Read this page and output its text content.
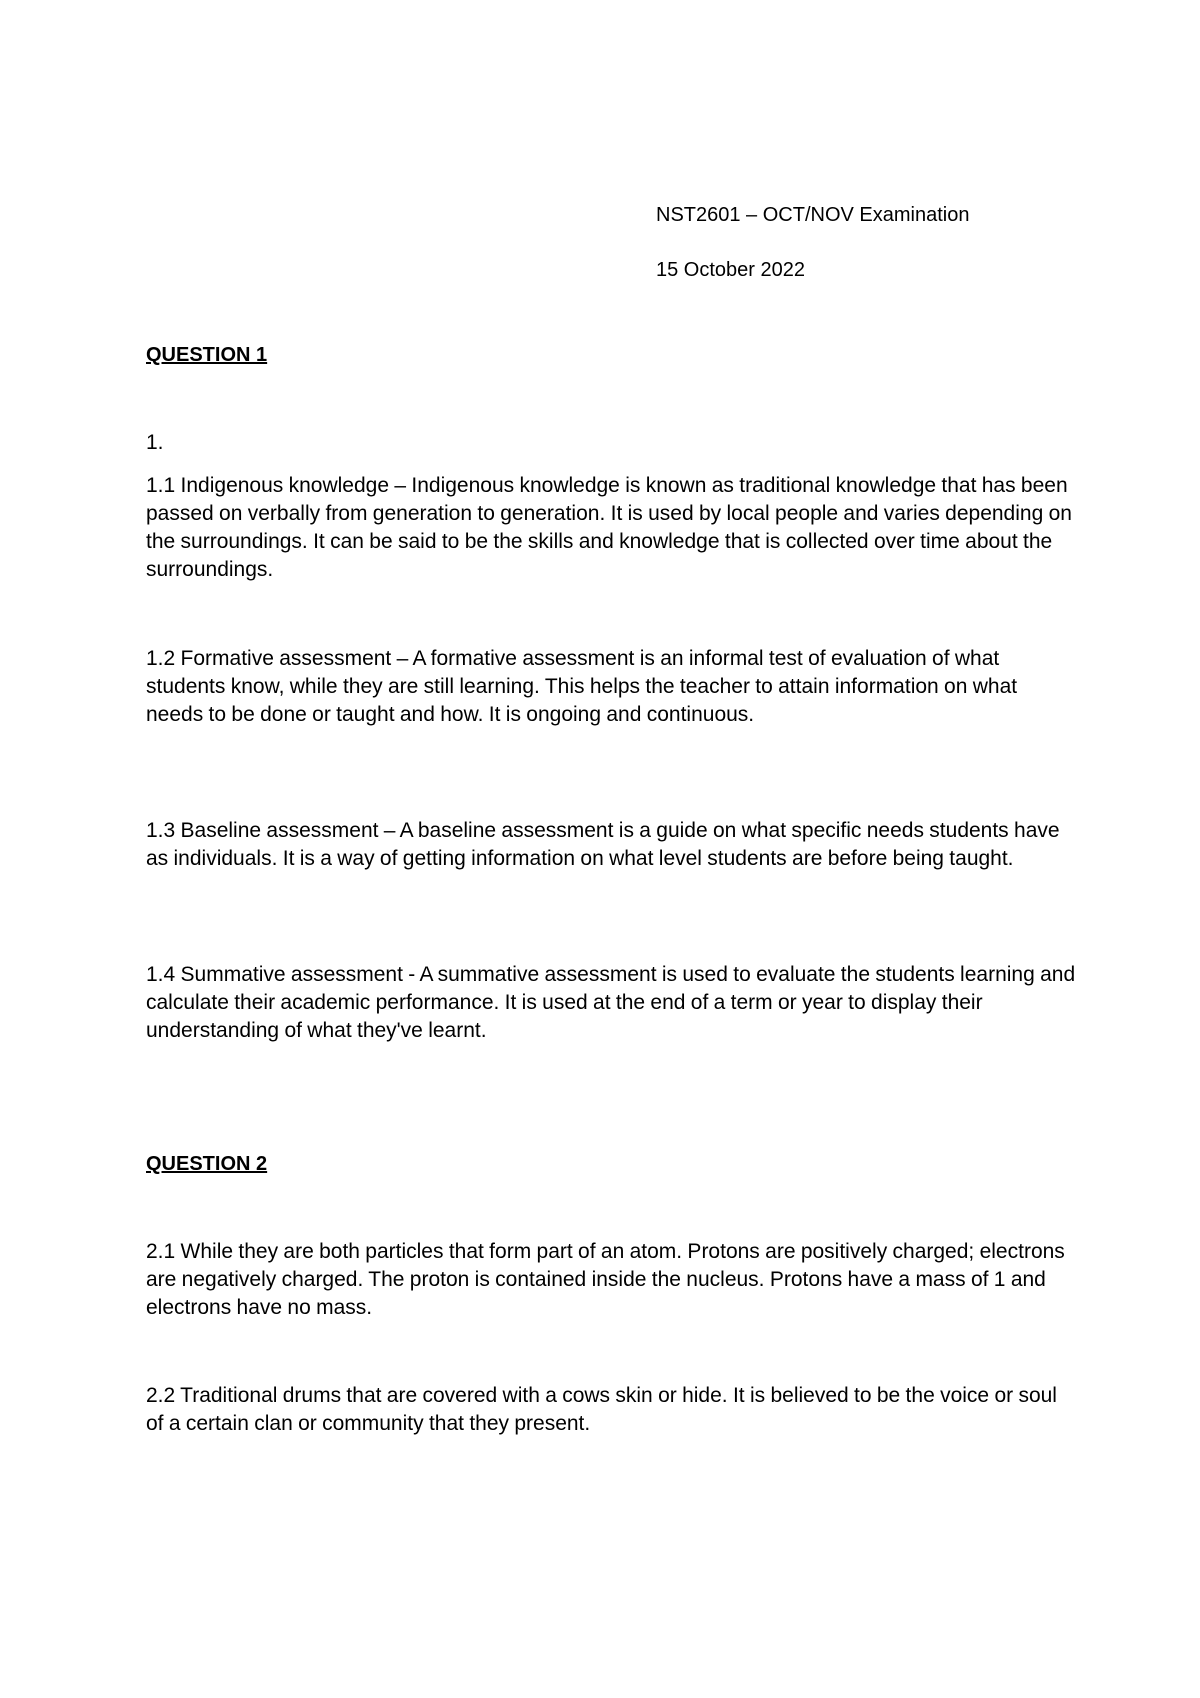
NST2601 – OCT/NOV Examination
15 October 2022
QUESTION 1
1.

1.1 Indigenous knowledge – Indigenous knowledge is known as traditional knowledge that has been passed on verbally from generation to generation. It is used by local people and varies depending on the surroundings. It can be said to be the skills and knowledge that is collected over time about the surroundings.

1.2 Formative assessment – A formative assessment is an informal test of evaluation of what students know, while they are still learning. This helps the teacher to attain information on what needs to be done or taught and how. It is ongoing and continuous.

1.3 Baseline assessment – A baseline assessment is a guide on what specific needs students have as individuals. It is a way of getting information on what level students are before being taught.

1.4 Summative assessment - A summative assessment is used to evaluate the students learning and calculate their academic performance. It is used at the end of a term or year to display their understanding of what they've learnt.

QUESTION 2

2.1 While they are both particles that form part of an atom. Protons are positively charged; electrons are negatively charged. The proton is contained inside the nucleus. Protons have a mass of 1 and electrons have no mass.

2.2 Traditional drums that are covered with a cows skin or hide. It is believed to be the voice or soul of a certain clan or community that they present.
